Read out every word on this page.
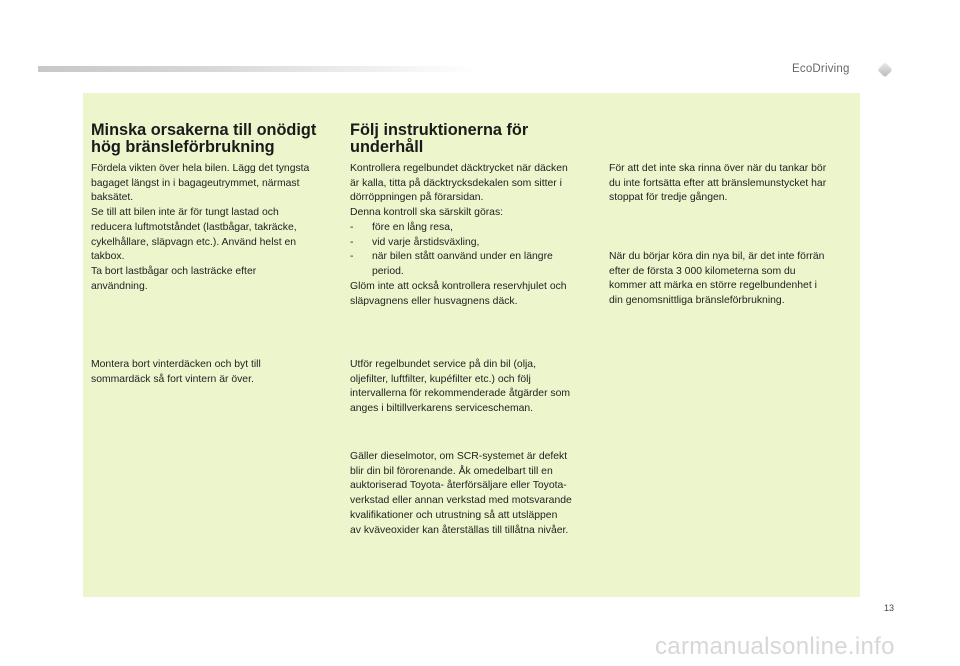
EcoDriving
Minska orsakerna till onödigt
hög bränsleförbrukning
Fördela vikten över hela bilen. Lägg det tyngsta
bagaget längst in i bagageutrymmet, närmast
baksätet.
Se till att bilen inte är för tungt lastad och
reducera luftmotståndet (lastbågar, takräcke,
cykelhållare, släpvagn etc.). Använd helst en
takbox.
Ta bort lastbågar och lasträcke efter
användning.
Montera bort vinterdäcken och byt till
sommardäck så fort vintern är över.
Följ instruktionerna för
underhåll
Kontrollera regelbundet däcktrycket när däcken
är kalla, titta på däcktrycksdekalen som sitter i
dörröppningen på förarsidan.
Denna kontroll ska särskilt göras:
- före en lång resa,
- vid varje årstidsväxling,
- när bilen stått oanvänd under en längre
period.
Glöm inte att också kontrollera reservhjulet och
släpvagnens eller husvagnens däck.
Utför regelbundet service på din bil (olja,
oljefilter, luftfilter, kupéfilter etc.) och följ
intervallerna för rekommenderade åtgärder som
anges i biltillverkarens servicescheman.
Gäller dieselmotor, om SCR-systemet är defekt
blir din bil förorenande. Åk omedelbart till en
auktoriserad Toyota- återförsäljare eller Toyota-
verkstad eller annan verkstad med motsvarande
kvalifikationer och utrustning så att utsläppen
av kväveoxider kan återställas till tillåtna nivåer.
För att det inte ska rinna över när du tankar bör
du inte fortsätta efter att bränslemunstycket har
stoppat för tredje gången.
När du börjar köra din nya bil, är det inte förrän
efter de första 3 000 kilometerna som du
kommer att märka en större regelbundenhet i
din genomsnittliga bränsleförbrukning.
13
carmanualsonline.info
